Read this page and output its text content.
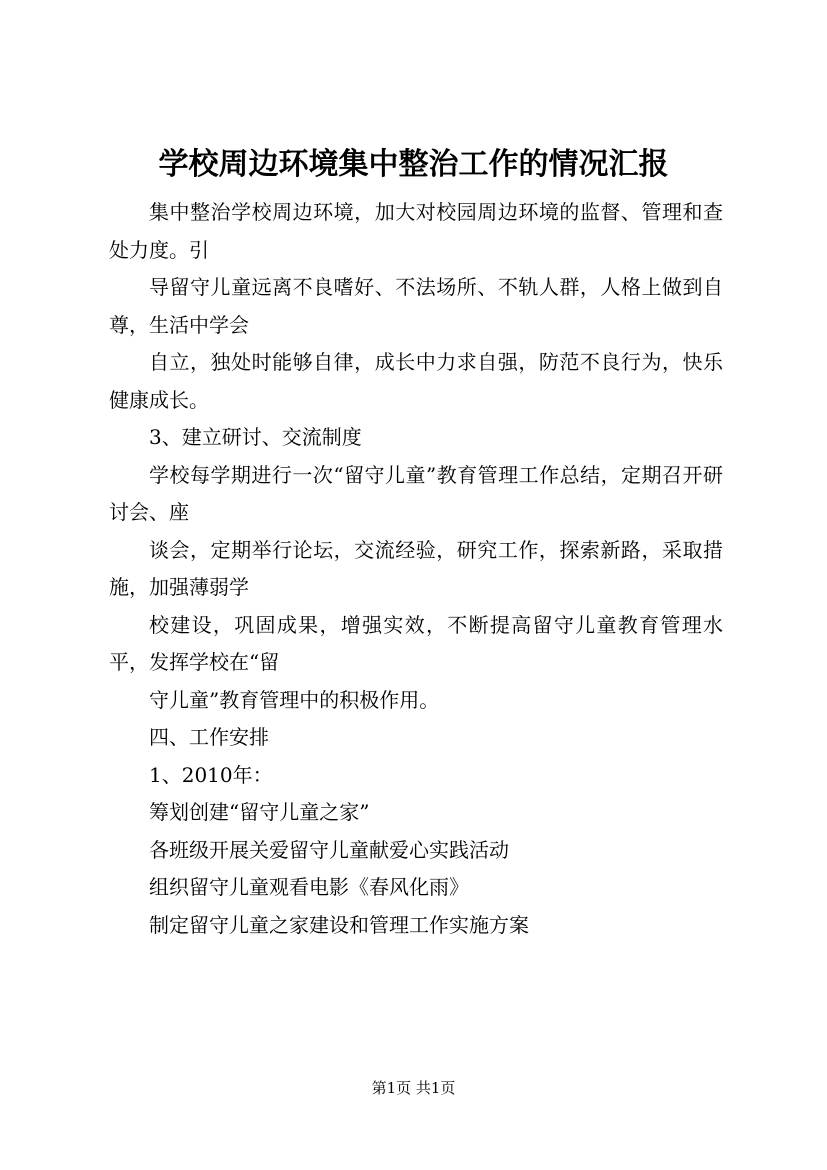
学校周边环境集中整治工作的情况汇报

集中整治学校周边环境，加大对校园周边环境的监督、管理和查处力度。引

导留守儿童远离不良嗜好、不法场所、不轨人群，人格上做到自尊，生活中学会

自立，独处时能够自律，成长中力求自强，防范不良行为，快乐健康成长。

3、建立研讨、交流制度

学校每学期进行一次“留守儿童”教育管理工作总结，定期召开研讨会、座

谈会，定期举行论坛，交流经验，研究工作，探索新路，采取措施，加强薄弱学

校建设，巩固成果，增强实效，不断提高留守儿童教育管理水平，发挥学校在“留

守儿童”教育管理中的积极作用。

四、工作安排

1、2010年：

筹划创建“留守儿童之家”

各班级开展关爱留守儿童献爱心实践活动

组织留守儿童观看电影《春风化雨》

制定留守儿童之家建设和管理工作实施方案

第1页 共1页
